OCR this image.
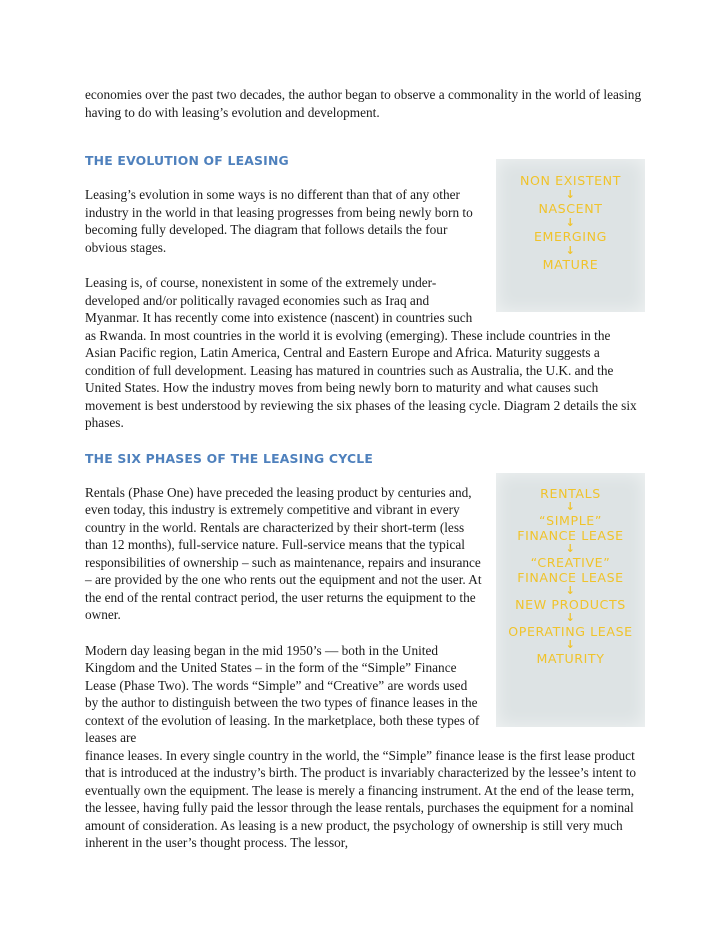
economies over the past two decades, the author began to observe a commonality in the world of leasing having to do with leasing’s evolution and development.

THE EVOLUTION OF LEASING
NON EXISTENT
↓
NASCENT
↓
EMERGING
↓
MATURE

Leasing’s evolution in some ways is no different than that of any other industry in the world in that leasing progresses from being newly born to becoming fully developed. The diagram that follows details the four obvious stages.

Leasing is, of course, nonexistent in some of the extremely under-developed and/or politically ravaged economies such as Iraq and Myanmar. It has recently come into existence (nascent) in countries such as Rwanda. In most countries in the world it is evolving (emerging). These include countries in the

Asian Pacific region, Latin America, Central and Eastern Europe and Africa. Maturity suggests a condition of full development. Leasing has matured in countries such as Australia, the U.K. and the United States. How the industry moves from being newly born to maturity and what causes such movement is best understood by reviewing the six phases of the leasing cycle. Diagram 2 details the six phases.

THE SIX PHASES OF THE LEASING CYCLE
RENTALS
↓
“SIMPLE”
FINANCE LEASE
↓
“CREATIVE”
FINANCE LEASE
↓
NEW PRODUCTS
↓
OPERATING LEASE
↓
MATURITY

Rentals (Phase One) have preceded the leasing product by centuries and, even today, this industry is extremely competitive and vibrant in every country in the world. Rentals are characterized by their short-term (less than 12 months), full-service nature. Full-service means that the typical responsibilities of ownership – such as maintenance, repairs and insurance – are provided by the one who rents out the equipment and not the user. At the end of the rental contract period, the user returns the equipment to the owner.

Modern day leasing began in the mid 1950’s — both in the United Kingdom and the United States – in the form of the “Simple” Finance Lease (Phase Two). The words “Simple” and “Creative” are words used by the author to distinguish between the two types of finance leases in the context of the evolution of leasing. In the marketplace, both these types of leases are

finance leases. In every single country in the world, the “Simple” finance lease is the first lease product that is introduced at the industry’s birth. The product is invariably characterized by the lessee’s intent to eventually own the equipment. The lease is merely a financing instrument. At the end of the lease term, the lessee, having fully paid the lessor through the lease rentals, purchases the equipment for a nominal amount of consideration. As leasing is a new product, the psychology of ownership is still very much inherent in the user’s thought process. The lessor,
